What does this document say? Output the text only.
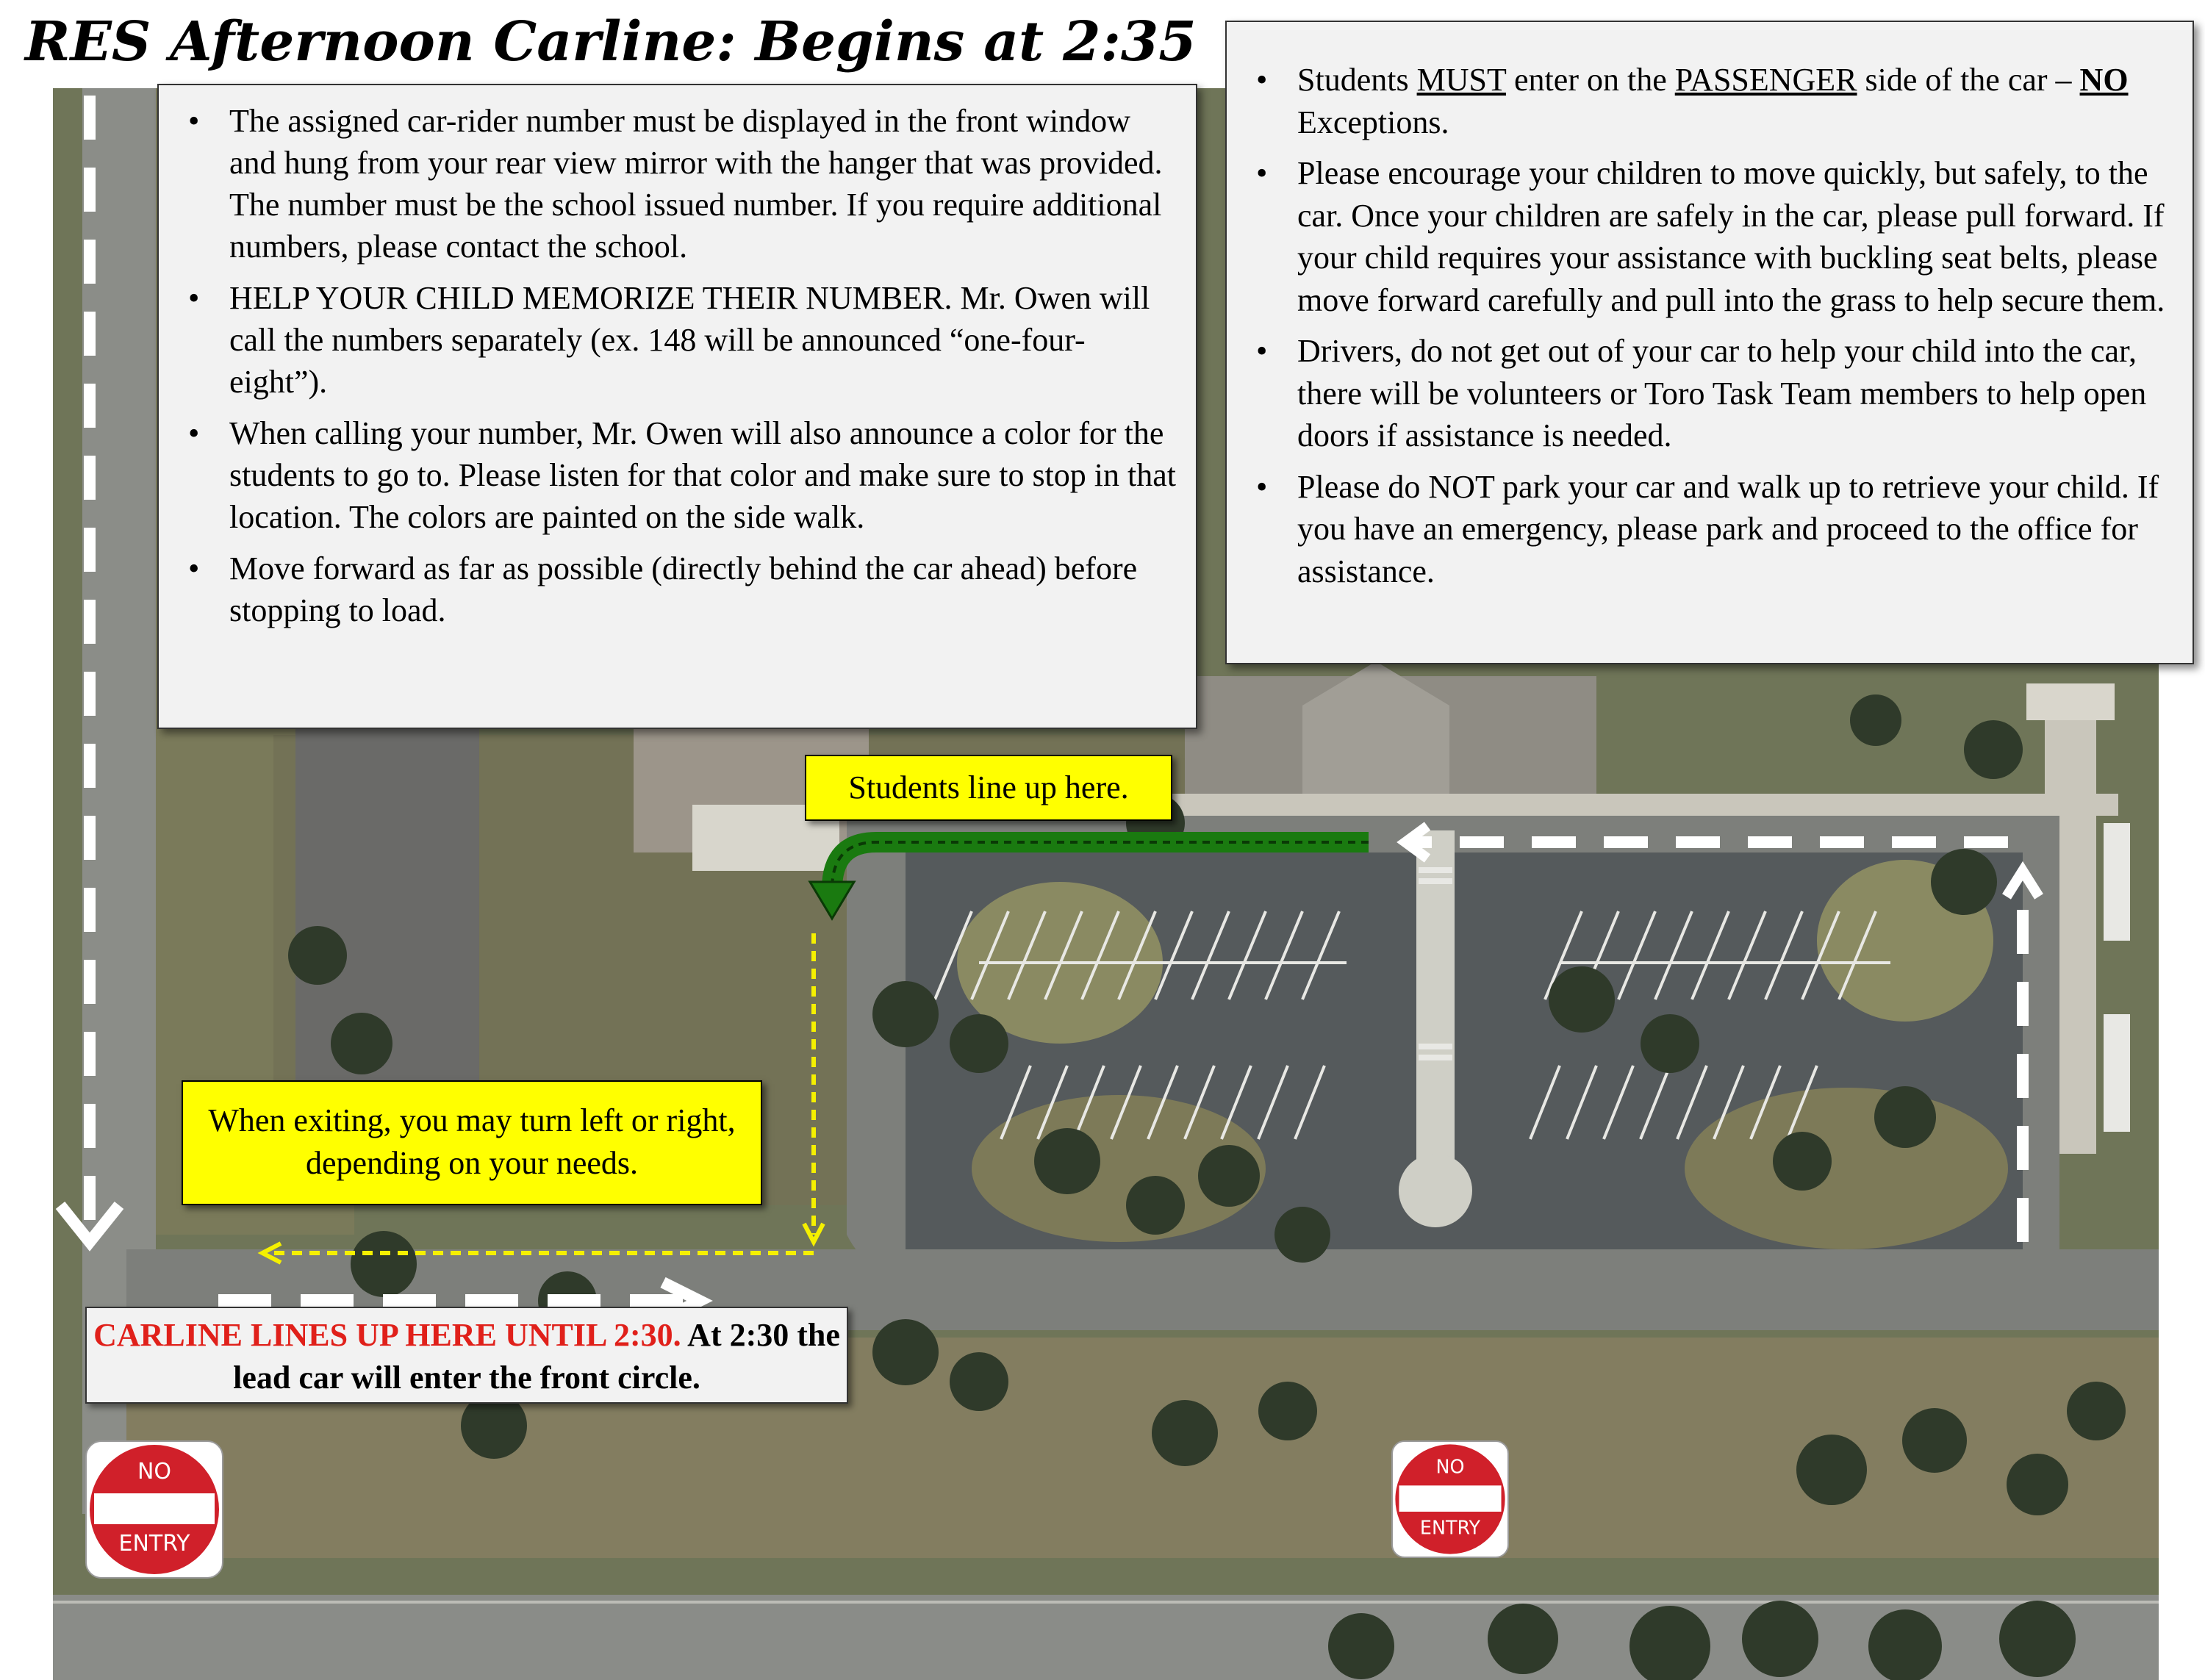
RES Afternoon Carline: Begins at 2:35
• The assigned car-rider number must be displayed in the front window and hung from your rear view mirror with the hanger that was provided. The number must be the school issued number. If you require additional numbers, please contact the school.
• HELP YOUR CHILD MEMORIZE THEIR NUMBER. Mr. Owen will call the numbers separately (ex. 148 will be announced “one-four-eight”).
• When calling your number, Mr. Owen will also announce a color for the students to go to. Please listen for that color and make sure to stop in that location. The colors are painted on the side walk.
• Move forward as far as possible (directly behind the car ahead) before stopping to load.
• Students MUST enter on the PASSENGER side of the car – NO Exceptions.
• Please encourage your children to move quickly, but safely, to the car. Once your children are safely in the car, please pull forward. If your child requires your assistance with buckling seat belts, please move forward carefully and pull into the grass to help secure them.
• Drivers, do not get out of your car to help your child into the car, there will be volunteers or Toro Task Team members to help open doors if assistance is needed.
• Please do NOT park your car and walk up to retrieve your child. If you have an emergency, please park and proceed to the office for assistance.
Students line up here.
When exiting, you may turn left or right, depending on your needs.
CARLINE LINES UP HERE UNTIL 2:30. At 2:30 the lead car will enter the front circle.
NO
ENTRY
NO
ENTRY
